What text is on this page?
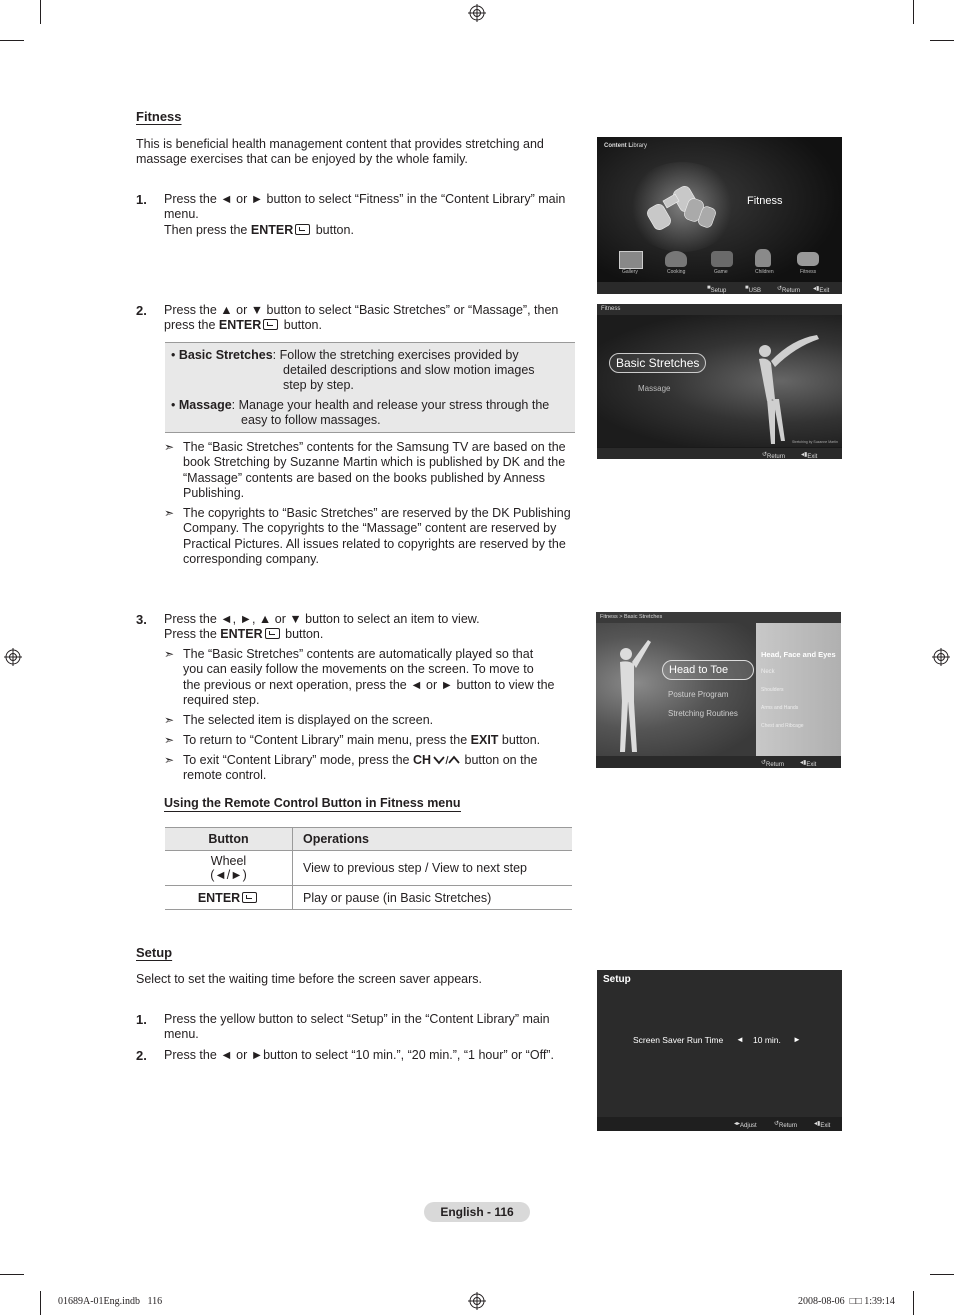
Fitness
This is beneficial health management content that provides stretching and massage exercises that can be enjoyed by the whole family.
1. Press the ◄ or ► button to select “Fitness” in the “Content Library” main
menu.
Then press the ENTER button.
2. Press the ▲ or ▼ button to select “Basic Stretches” or “Massage”, then
press the ENTER button.
• Basic Stretches: Follow the stretching exercises provided by
detailed descriptions and slow motion images
step by step.
• Massage: Manage your health and release your stress through the
easy to follow massages.
➣ The “Basic Stretches” contents for the Samsung TV are based on the
book Stretching by Suzanne Martin which is published by DK and the
“Massage” contents are based on the books published by Anness
Publishing.
➣ The copyrights to “Basic Stretches” are reserved by the DK Publishing
Company. The copyrights to the “Massage” content are reserved by
Practical Pictures. All issues related to copyrights are reserved by the
corresponding company.
3. Press the ◄, ►, ▲ or ▼ button to select an item to view.
Press the ENTER button.
➣ The “Basic Stretches” contents are automatically played so that
you can easily follow the movements on the screen. To move to
the previous or next operation, press the ◄ or ► button to view the
required step.
➣ The selected item is displayed on the screen.
➣ To return to “Content Library” main menu, press the EXIT button.
➣ To exit “Content Library” mode, press the CH button on the
remote control.
Using the Remote Control Button in Fitness menu
Button	Operations

Wheel
(◄/►)	View to previous step / View to next step
ENTER	Play or pause (in Basic Stretches)
Setup
Select to set the waiting time before the screen saver appears.
1. Press the yellow button to select “Setup” in the “Content Library” main
menu.
2. Press the ◄ or ►button to select “10 min.”, “20 min.”, “1 hour” or “Off”.
Content Library
Fitness
Gallery	Cooking	Game	Children	Fitness
■ Setup	■ USB	↺ Return ◂▮ Exit
Fitness
Basic Stretches
Massage
Stretching by Suzanne Martin
↺ Return	◂▮ Exit
Fitness > Basic Stretches
Head to Toe
Posture Program
Stretching Routines
Head, Face and Eyes
Neck
Shoulders
Arms and Hands
Chest and Ribcage
↺ Return	◂▮ Exit
Setup
Screen Saver Run Time ◄ 10 min. ►
◂▸ Adjust	↺ Return	◂▮ Exit
English - 116
01689A-01Eng.indb   116	2008-08-06 □□ 1:39:14
